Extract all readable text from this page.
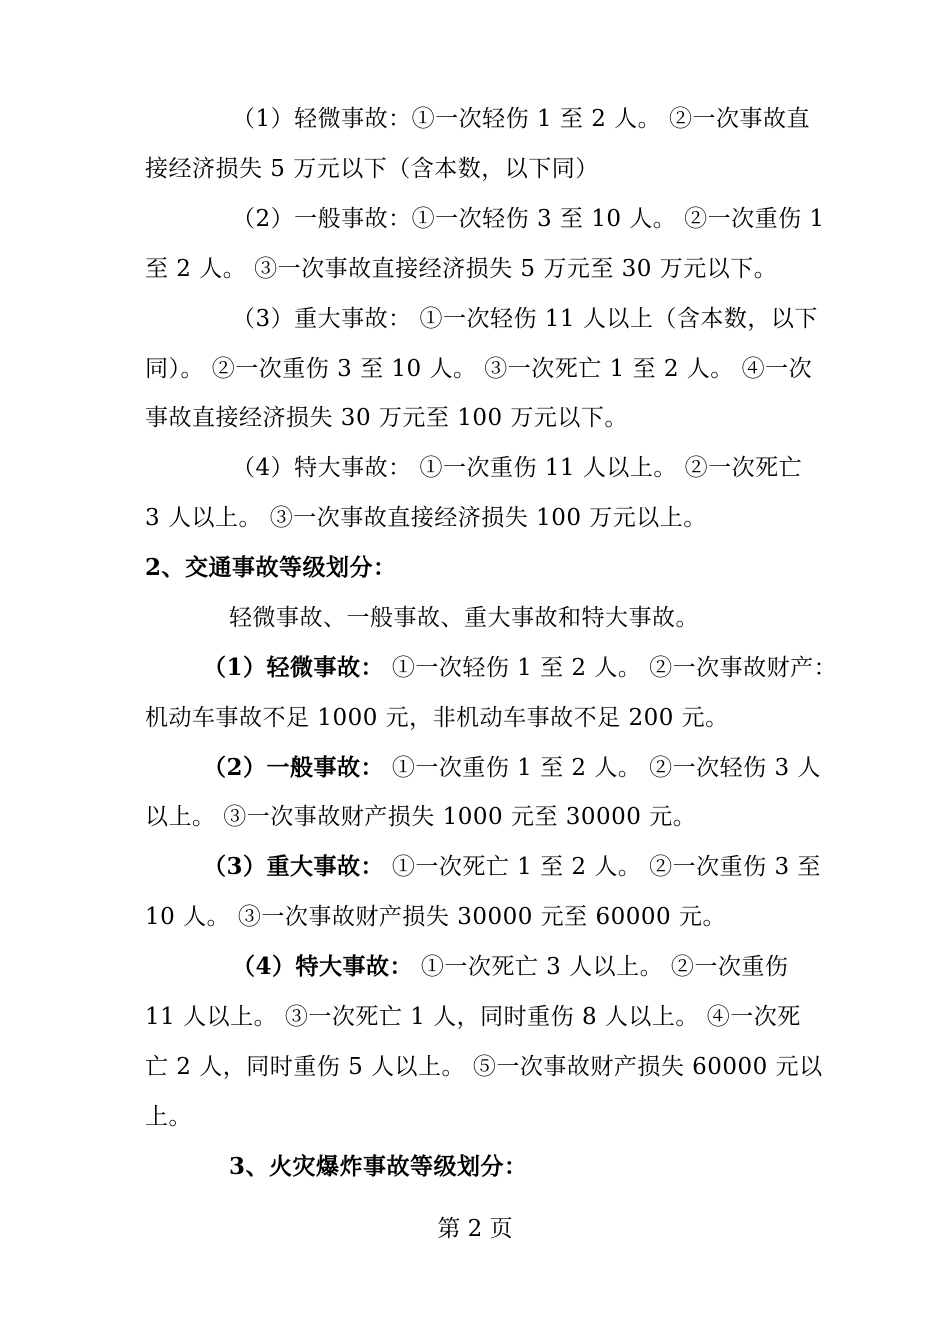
（1）轻微事故：①一次轻伤 1 至 2 人。 ②一次事故直
接经济损失 5 万元以下（含本数，以下同）
（2）一般事故：①一次轻伤 3 至 10 人。 ②一次重伤 1
至 2 人。 ③一次事故直接经济损失 5 万元至 30 万元以下。
（3）重大事故： ①一次轻伤 11 人以上（含本数，以下
同）。 ②一次重伤 3 至 10 人。 ③一次死亡 1 至 2 人。 ④一次
事故直接经济损失 30 万元至 100 万元以下。
（4）特大事故： ①一次重伤 11 人以上。 ②一次死亡
3 人以上。 ③一次事故直接经济损失 100 万元以上。
2、交通事故等级划分：
轻微事故、一般事故、重大事故和特大事故。
（1）轻微事故： ①一次轻伤 1 至 2 人。 ②一次事故财产：
机动车事故不足 1000 元，非机动车事故不足 200 元。
（2）一般事故： ①一次重伤 1 至 2 人。 ②一次轻伤 3 人
以上。 ③一次事故财产损失 1000 元至 30000 元。
（3）重大事故： ①一次死亡 1 至 2 人。 ②一次重伤 3 至
10 人。 ③一次事故财产损失 30000 元至 60000 元。
（4）特大事故： ①一次死亡 3 人以上。 ②一次重伤
11 人以上。 ③一次死亡 1 人，同时重伤 8 人以上。 ④一次死
亡 2 人，同时重伤 5 人以上。 ⑤一次事故财产损失 60000 元以
上。
3、火灾爆炸事故等级划分：
第 2 页
